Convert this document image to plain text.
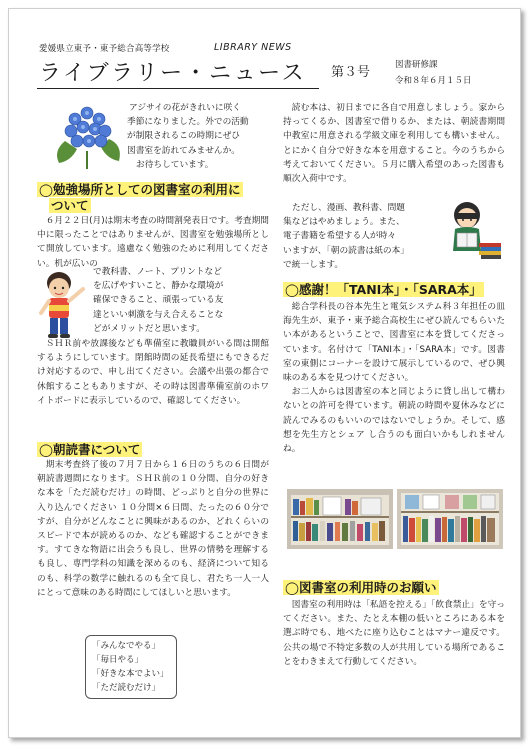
愛媛県立東予・東予総合高等学校	LIBRARY NEWS
ライブラリー・ニュース 第３号	図書研修課
令和８年６月１５日

アジサイの花がきれいに咲く

季節になりました。外での活動

が制限されるこの時期にぜひ

図書室を訪れてみませんか。

お待ちしています。

◯勉強場所としての図書室の利用に
ついて

６月２２日(月)は期末考査の時間割発表日です。考査期間中に限ったことではありませんが、図書室を勉強場所として開放しています。遠慮なく勉強のために利用してください。机が広いの

で教科書、ノート、プリントなど

を広げやすいこと、静かな環境が

確保できること、頑張っている友

達といい刺激を与え合えることな

どがメリットだと思います。

ＳＨＲ前や放課後なども準備室に教職員がいる間は開館するようにしています。閉館時間の延長希望にもできるだけ対応するので、申し出てください。会議や出張の都合で休館することもありますが、その時は図書準備室前のホワイトボードに表示しているので、確認してください。

◯朝読書について

期末考査終了後の７月７日から１６日のうちの６日間が朝読書週間になります。ＳＨＲ前の１０分間、自分の好きな本を「ただ読むだけ」の時間、どっぷりと自分の世界に入り込んでください １０分間×６日間、たったの６０分ですが、自分がどんなことに興味があるのか、どれくらいのスピードで本が読めるのか、なども確認することができます。すてきな物語に出会うも良し、世界の情勢を理解するも良し、専門学科の知識を深めるのも、経済について知るのも、科学の数学に触れるのも全て良し、君たち一人一人にとって意味のある時間にしてほしいと思います。

「みんなでやる」
「毎日やる」
「好きな本でよい」
「ただ読むだけ」

読む本は、初日までに各自で用意しましょう。家から持ってくるか、図書室で借りるか、または、朝読書期間中教室に用意される学級文庫を利用しても構いません。とにかく自分で好きな本を用意すること。今のうちから考えておいてください。５月に購入希望のあった図書も順次入荷中です。

ただし、漫画、教科書、問題

集などはやめましょう。また、

電子書籍を希望する人が時々

いますが、「朝の読書は紙の本」

で統一します。

◯感謝！「TANI本」・「SARA本」

総合学科長の谷本先生と電気システム科３年担任の皿海先生が、東予・東予総合高校生にぜひ読んでもらいたい本があるということで、図書室に本を貸してくださっています。名付けて「TANI本」・「SARA本」です。図書室の東側にコーナーを設けて展示しているので、ぜひ興味のある本を見つけてください。

お二人からは図書室の本と同じように貸し出して構わないとの許可を得ています。朝読の時間や夏休みなどに読んでみるのもいいのではないでしょうか。そして、感想を先生方とシェア し合うのも面白いかもしれませんね。

◯図書室の利用時のお願い

図書室の利用時は「私語を控える」「飲食禁止」を守ってください。また、たとえ本棚の低いところにある本を選ぶ時でも、地べたに座り込むことはマナー違反です。公共の場で不特定多数の人が共用している場所であることをわきまえて行動してください。
